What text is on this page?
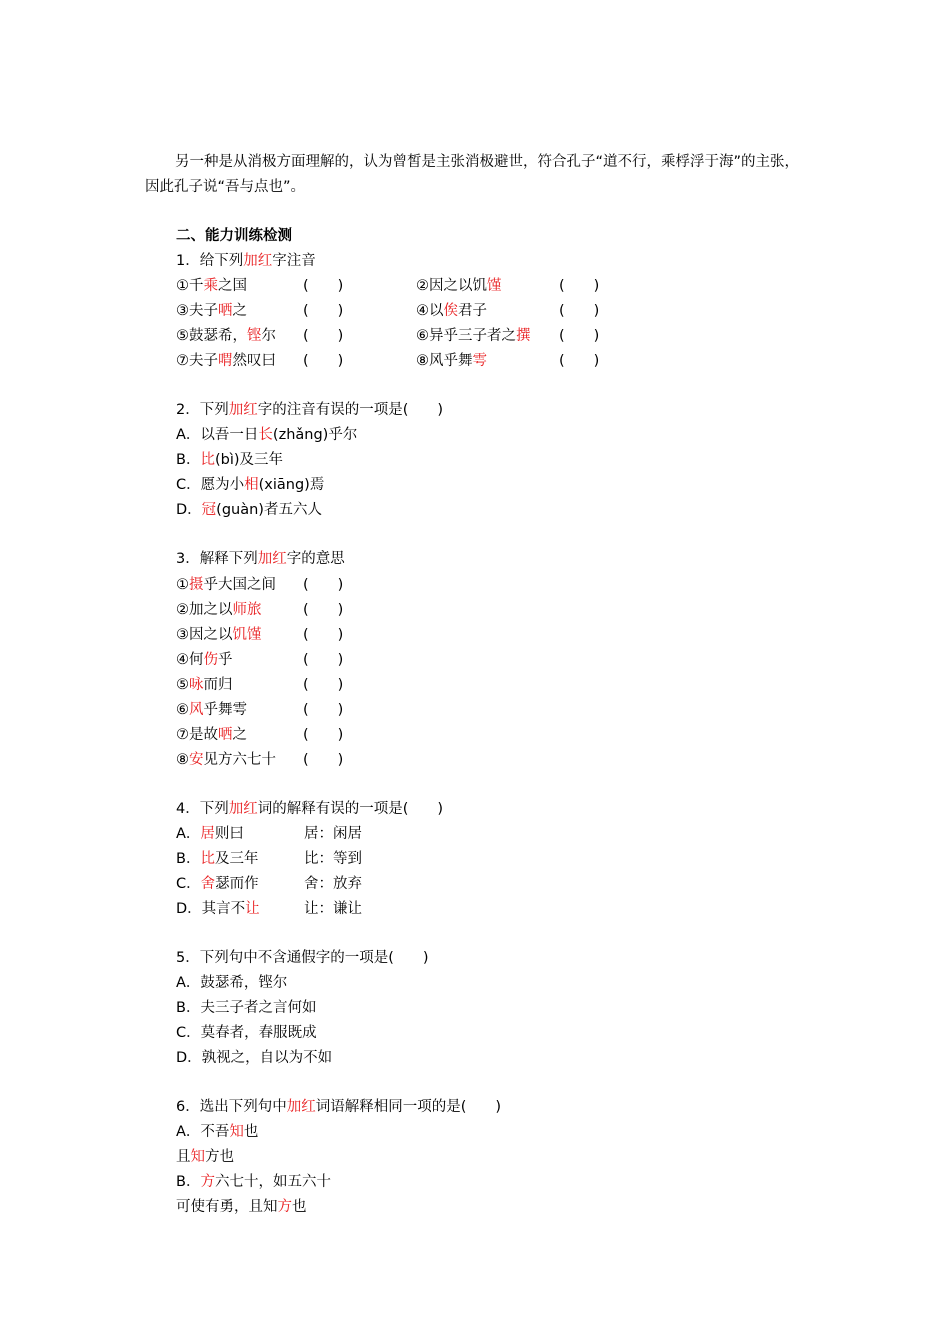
另一种是从消极方面理解的，认为曾皙是主张消极避世，符合孔子“道不行，乘桴浮于海”的主张，因此孔子说“吾与点也”。

二、能力训练检测
1．给下列加红字注音
①千乘之国	(　　)	②因之以饥馑	(　　)
③夫子哂之	(　　)	④以俟君子	(　　)
⑤鼓瑟希，铿尔 (　　)	⑥异乎三子者之撰 (　　)
⑦夫子喟然叹曰 (　　)	⑧风乎舞雩	(　　)
2．下列加红字的注音有误的一项是(　　)
A．以吾一日长(zhǎng)乎尔
B．比(bì)及三年
C．愿为小相(xiāng)焉
D．冠(guàn)者五六人
3．解释下列加红字的意思
①摄乎大国之间 (　　)
②加之以师旅	(　　)
③因之以饥馑	(　　)
④何伤乎	(　　)
⑤咏而归	(　　)
⑥风乎舞雩	(　　)
⑦是故哂之	(　　)
⑧安见方六七十 (　　)
4．下列加红词的解释有误的一项是(　　)
A．居则曰	居：闲居
B．比及三年	比：等到
C．舍瑟而作	舍：放弃
D．其言不让	让：谦让
5．下列句中不含通假字的一项是(　　)
A．鼓瑟希，铿尔
B．夫三子者之言何如
C．莫春者，春服既成
D．孰视之，自以为不如
6．选出下列句中加红词语解释相同一项的是(　　)
A．不吾知也
且知方也
B．方六七十，如五六十
可使有勇，且知方也
